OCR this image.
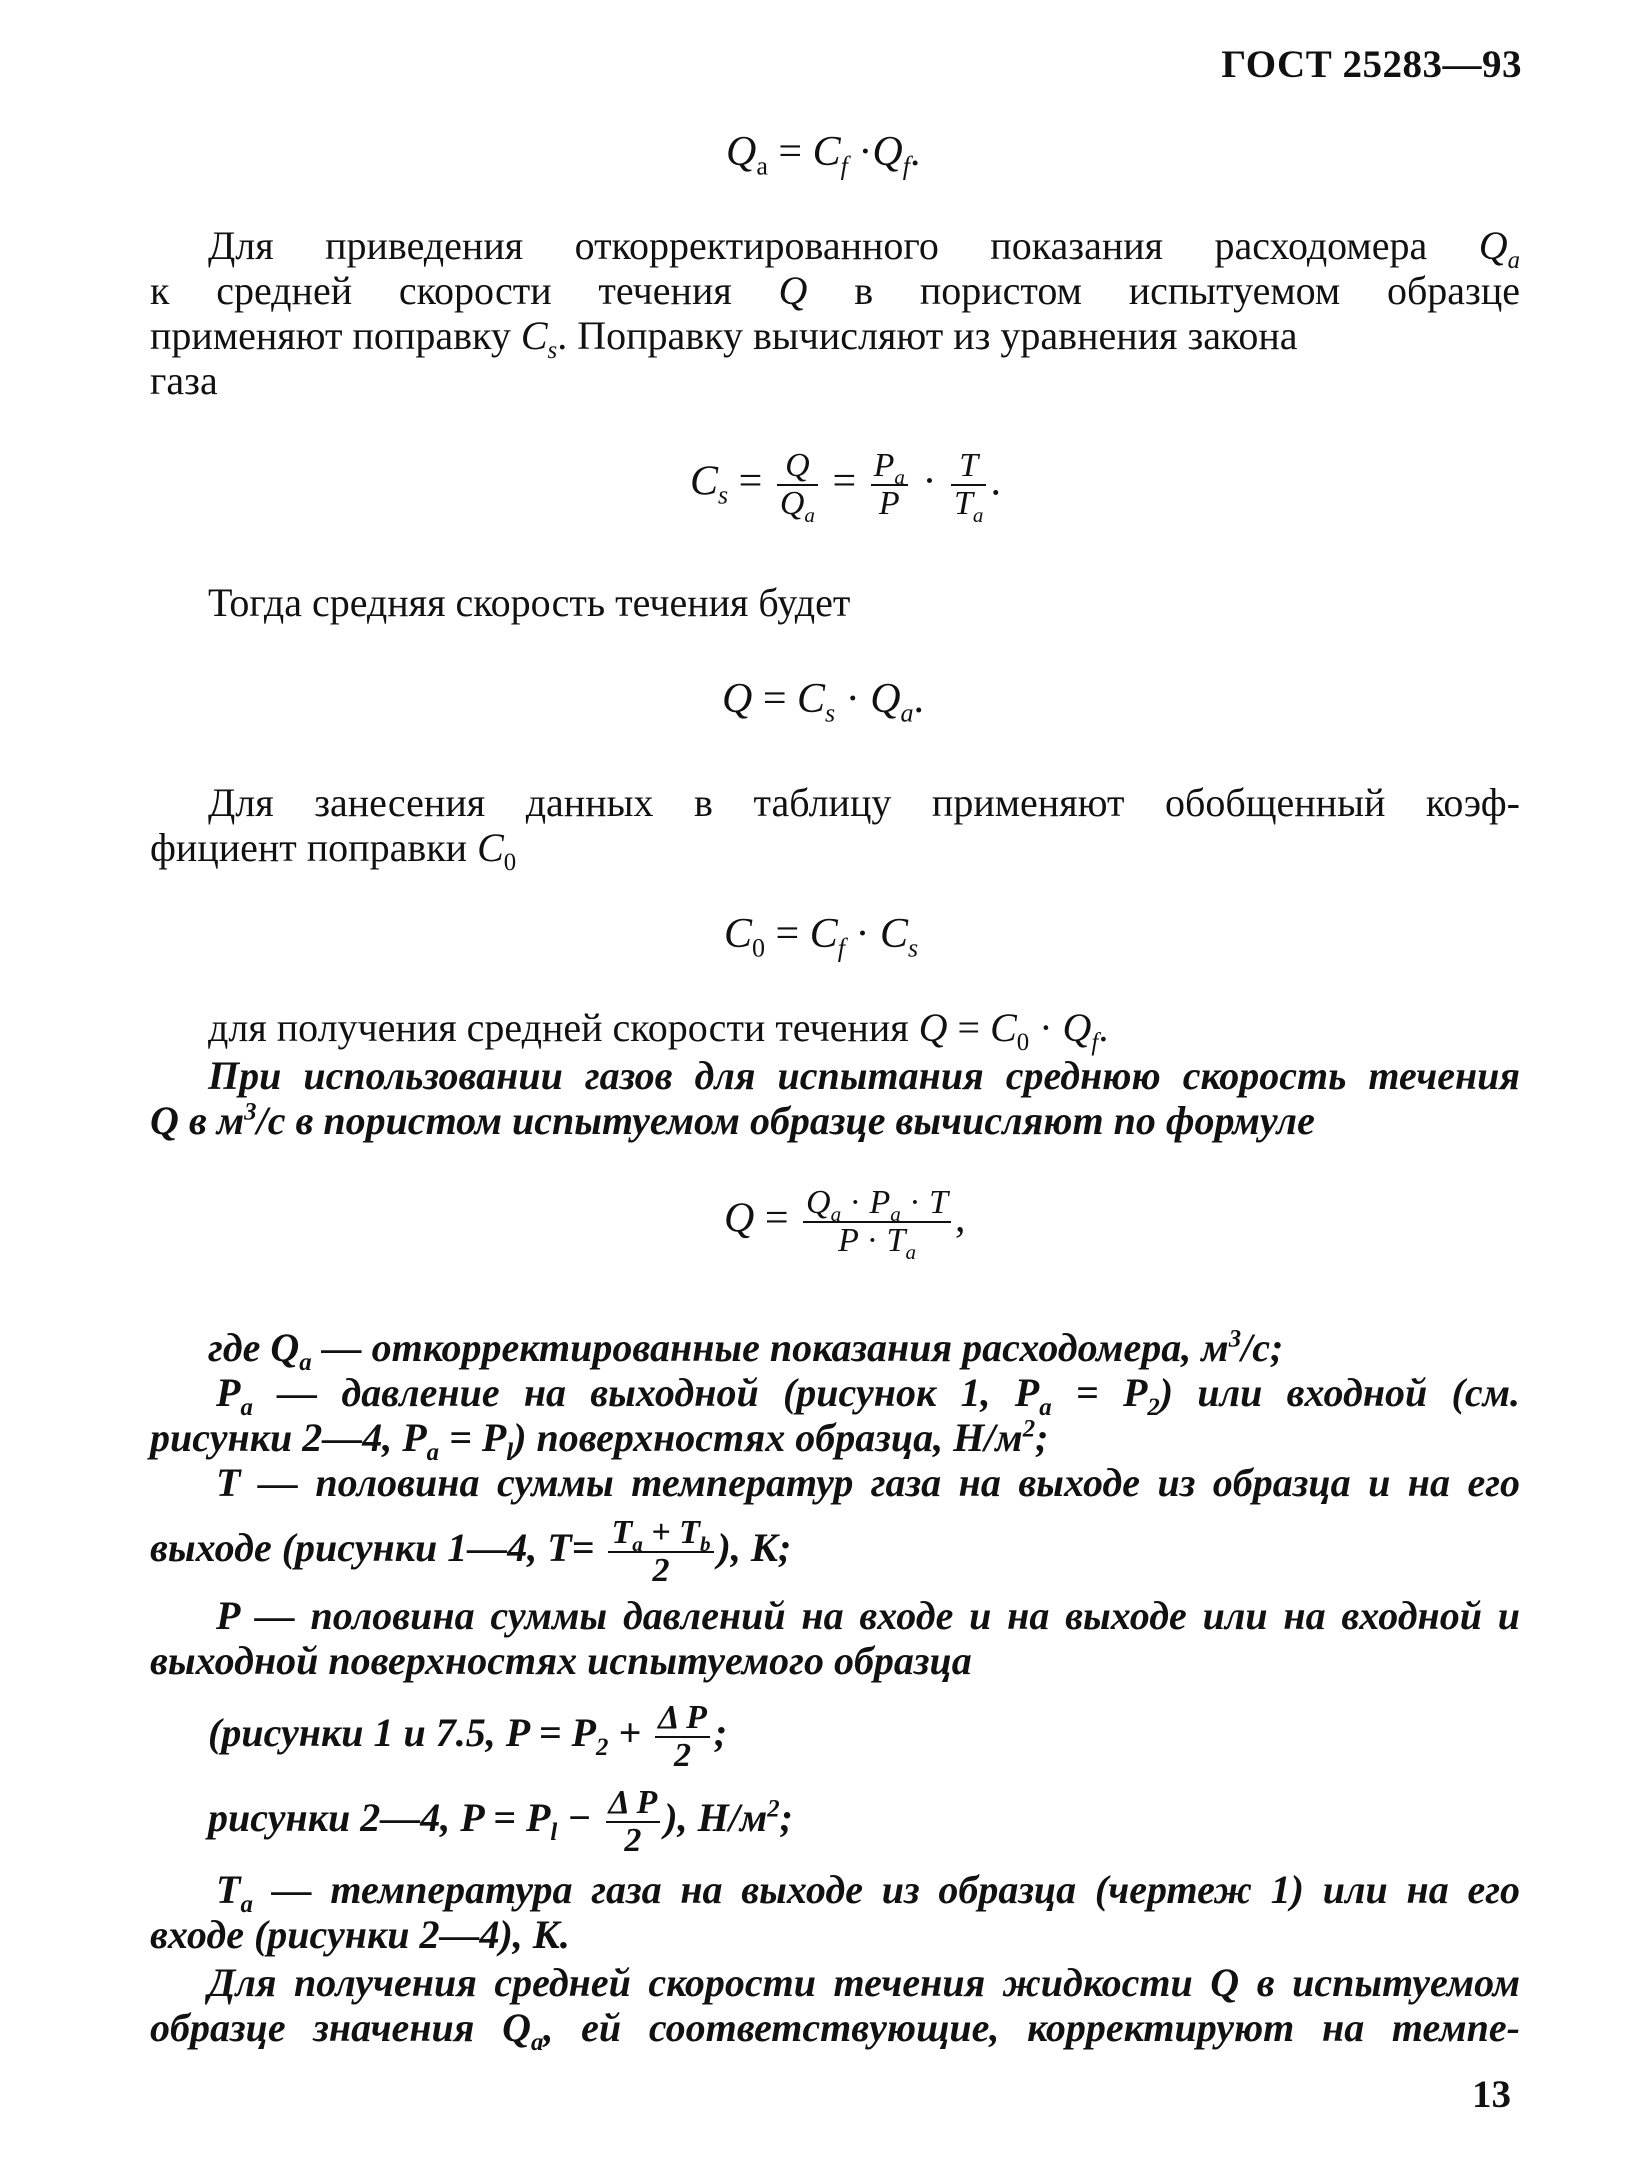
ГОСТ 25283—93
$Q_a = C_f \cdot Q_f$.
Для приведения откорректированного показания расходомера $Q_a$
к средней скорости течения Q в пористом испытуемом образце
применяют поправку $C_s$. Поправку вычисляют из уравнения закона
газа
$C_s = \frac{Q}{Q_a} = \frac{P_a}{P} \cdot \frac{T}{T_a}$ .
Тогда средняя скорость течения будет
$Q = C_s \cdot Q_a$.
Для занесения данных в таблицу применяют обобщенный коэф-
фициент поправки $C_0$
$C_0 = C_f \cdot C_s$
для получения средней скорости течения $Q = C_0 \cdot Q_f$.
При использовании газов для испытания среднюю скорость течения
Q в $м^3/с$ в пористом испытуемом образце вычисляют по формуле
$Q = \frac{Q_a \cdot P_a \cdot T}{P \cdot T_a}$ ,
где $Q_a$ — откорректированные показания расходомера, $м^3/с$;
$P_a$ — давление на выходной (рисунок 1, $P_a = P_2$) или входной (см.
рисунки 2—4, $P_a = P_l$) поверхностях образца, $Н/м^2$;
T — половина суммы температур газа на выходе из образца и на его
выходе (рисунки 1—4, $T= \frac{T_a + T_b}{2}$ ), К;
P — половина суммы давлений на входе и на выходе или на входной и
выходной поверхностях испытуемого образца
(рисунки 1 и 7.5, $P = P_2 + \frac{\text{Δ P}}{2}$ ;
рисунки 2—4, $P = P_l - \frac{\text{Δ P}}{2}$ ), $Н/м^2$;
$T_a$ — температура газа на выходе из образца (чертеж 1) или на его
входе (рисунки 2—4), К.
Для получения средней скорости течения жидкости Q в испытуемом
образце значения $Q_a$, ей соответствующие, корректируют на темпе-
13
